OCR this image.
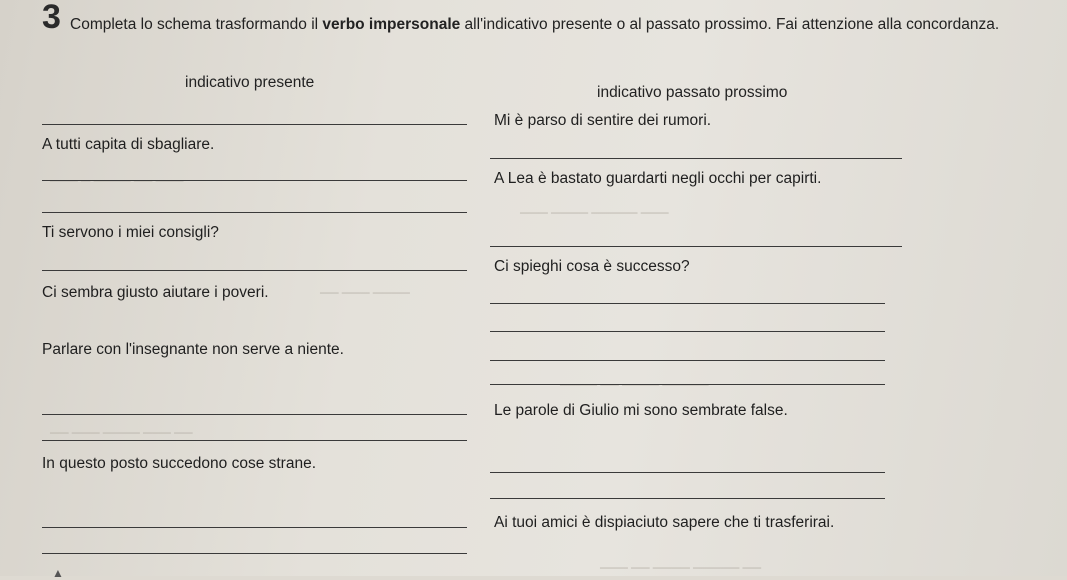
▁▁▁ ▁ ▁▁▁▁ ▁▁ ▁▁▁
▁▁▁ ▁▁▁▁ ▁▁▁▁▁ ▁▁▁
▁▁ ▁▁▁ ▁▁▁▁
▁▁▁▁ ▁▁ ▁▁▁▁ ▁▁▁▁▁
▁▁ ▁▁▁ ▁▁▁▁ ▁▁▁ ▁▁
▁▁▁ ▁▁ ▁▁▁▁ ▁▁▁▁▁ ▁▁
3 Completa lo schema trasformando il verbo impersonale all'indicativo presente o al passato prossimo. Fai attenzione alla concordanza.
indicativo presente
indicativo passato prossimo
Mi è parso di sentire dei rumori.
A tutti capita di sbagliare.
A Lea è bastato guardarti negli occhi per capirti.
Ti servono i miei consigli?
Ci spieghi cosa è successo?
Ci sembra giusto aiutare i poveri.
Parlare con l'insegnante non serve a niente.
Le parole di Giulio mi sono sembrate false.
In questo posto succedono cose strane.
Ai tuoi amici è dispiaciuto sapere che ti trasferirai.
▲
